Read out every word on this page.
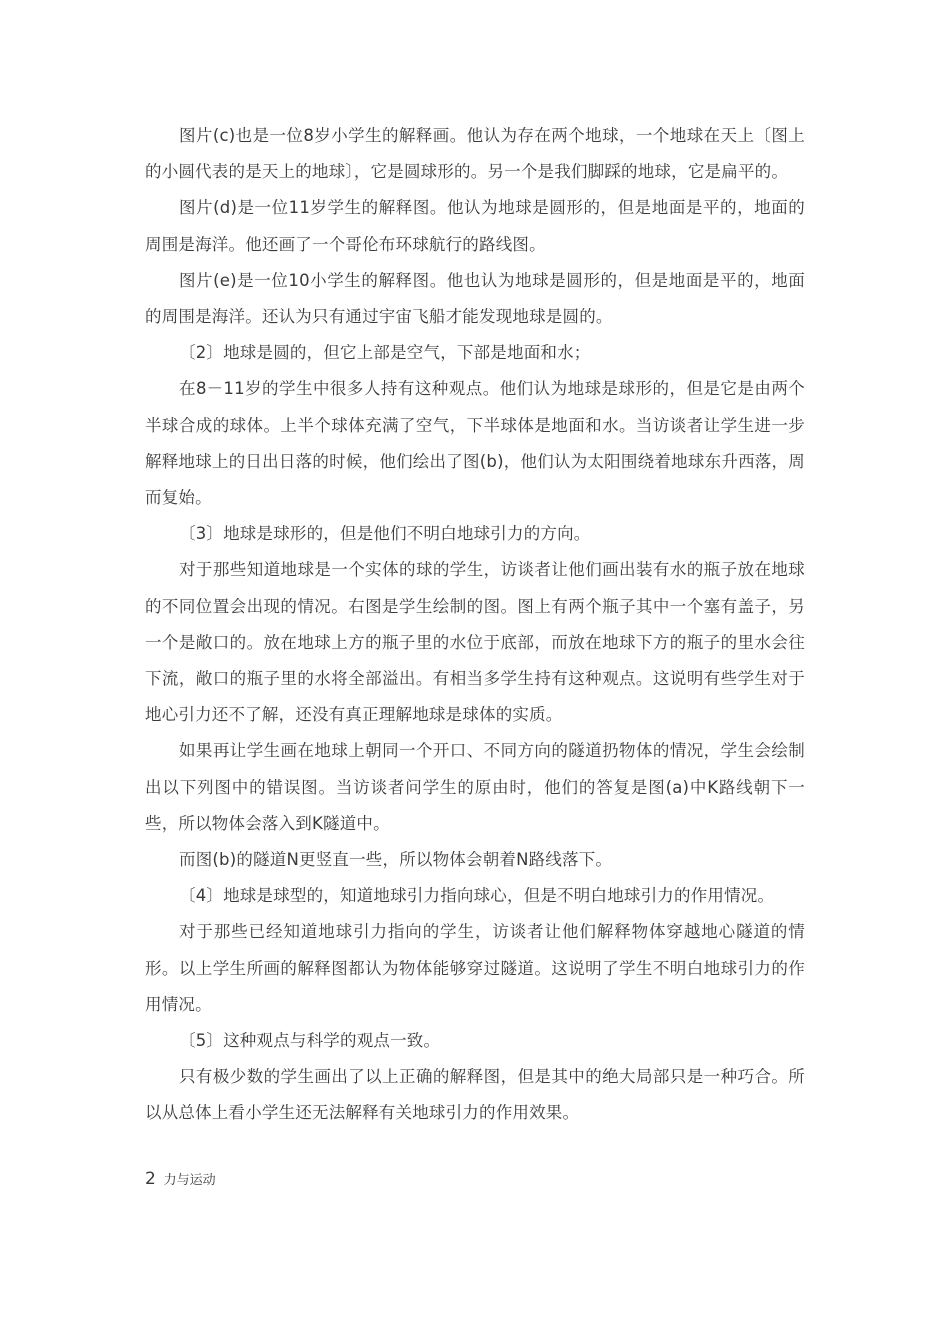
图片(c)也是一位8岁小学生的解释画。他认为存在两个地球，一个地球在天上〔图上的小圆代表的是天上的地球〕，它是圆球形的。另一个是我们脚踩的地球，它是扁平的。

图片(d)是一位11岁学生的解释图。他认为地球是圆形的，但是地面是平的，地面的周围是海洋。他还画了一个哥伦布环球航行的路线图。

图片(e)是一位10小学生的解释图。他也认为地球是圆形的，但是地面是平的，地面的周围是海洋。还认为只有通过宇宙飞船才能发现地球是圆的。

〔2〕地球是圆的，但它上部是空气，下部是地面和水；

在8－11岁的学生中很多人持有这种观点。他们认为地球是球形的，但是它是由两个半球合成的球体。上半个球体充满了空气，下半球体是地面和水。当访谈者让学生进一步解释地球上的日出日落的时候，他们绘出了图(b)，他们认为太阳围绕着地球东升西落，周而复始。

〔3〕地球是球形的，但是他们不明白地球引力的方向。

对于那些知道地球是一个实体的球的学生，访谈者让他们画出装有水的瓶子放在地球的不同位置会出现的情况。右图是学生绘制的图。图上有两个瓶子其中一个塞有盖子，另一个是敞口的。放在地球上方的瓶子里的水位于底部，而放在地球下方的瓶子的里水会往下流，敞口的瓶子里的水将全部溢出。有相当多学生持有这种观点。这说明有些学生对于地心引力还不了解，还没有真正理解地球是球体的实质。

如果再让学生画在地球上朝同一个开口、不同方向的隧道扔物体的情况，学生会绘制出以下列图中的错误图。当访谈者问学生的原由时，他们的答复是图(a)中K路线朝下一些，所以物体会落入到K隧道中。

而图(b)的隧道N更竖直一些，所以物体会朝着N路线落下。

〔4〕地球是球型的，知道地球引力指向球心，但是不明白地球引力的作用情况。

对于那些已经知道地球引力指向的学生，访谈者让他们解释物体穿越地心隧道的情形。以上学生所画的解释图都认为物体能够穿过隧道。这说明了学生不明白地球引力的作用情况。

〔5〕这种观点与科学的观点一致。

只有极少数的学生画出了以上正确的解释图，但是其中的绝大局部只是一种巧合。所以从总体上看小学生还无法解释有关地球引力的作用效果。

2 力与运动
